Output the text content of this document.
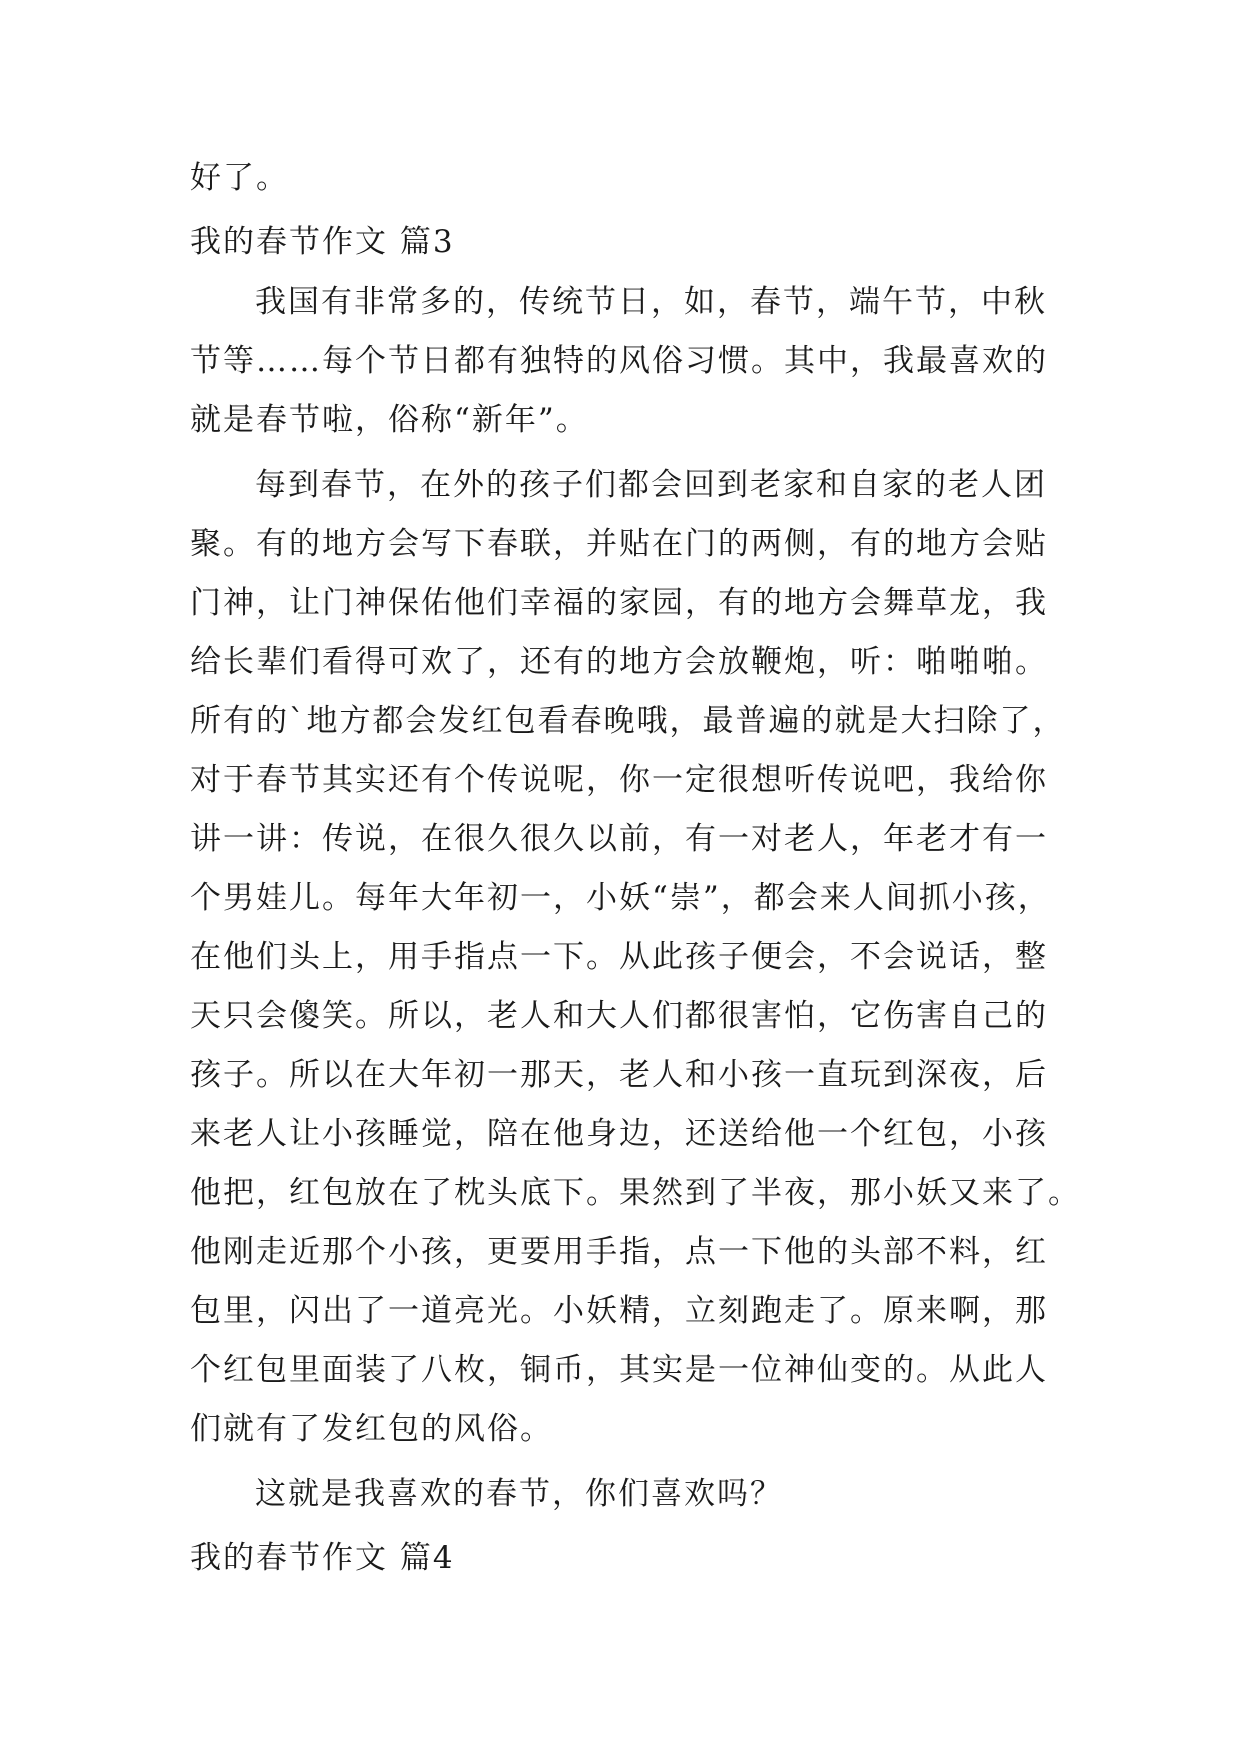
好了。
我的春节作文 篇3
我国有非常多的，传统节日，如，春节，端午节，中秋
节等……每个节日都有独特的风俗习惯。其中，我最喜欢的
就是春节啦，俗称“新年”。
每到春节，在外的孩子们都会回到老家和自家的老人团
聚。有的地方会写下春联，并贴在门的两侧，有的地方会贴
门神，让门神保佑他们幸福的家园，有的地方会舞草龙，我
给长辈们看得可欢了，还有的地方会放鞭炮，听：啪啪啪。
所有的`地方都会发红包看春晚哦，最普遍的就是大扫除了，
对于春节其实还有个传说呢，你一定很想听传说吧，我给你
讲一讲：传说，在很久很久以前，有一对老人，年老才有一
个男娃儿。每年大年初一，小妖“崇”，都会来人间抓小孩，
在他们头上，用手指点一下。从此孩子便会，不会说话，整
天只会傻笑。所以，老人和大人们都很害怕，它伤害自己的
孩子。所以在大年初一那天，老人和小孩一直玩到深夜，后
来老人让小孩睡觉，陪在他身边，还送给他一个红包，小孩
他把，红包放在了枕头底下。果然到了半夜，那小妖又来了。
他刚走近那个小孩，更要用手指，点一下他的头部不料，红
包里，闪出了一道亮光。小妖精，立刻跑走了。原来啊，那
个红包里面装了八枚，铜币，其实是一位神仙变的。从此人
们就有了发红包的风俗。
这就是我喜欢的春节，你们喜欢吗？
我的春节作文 篇4
